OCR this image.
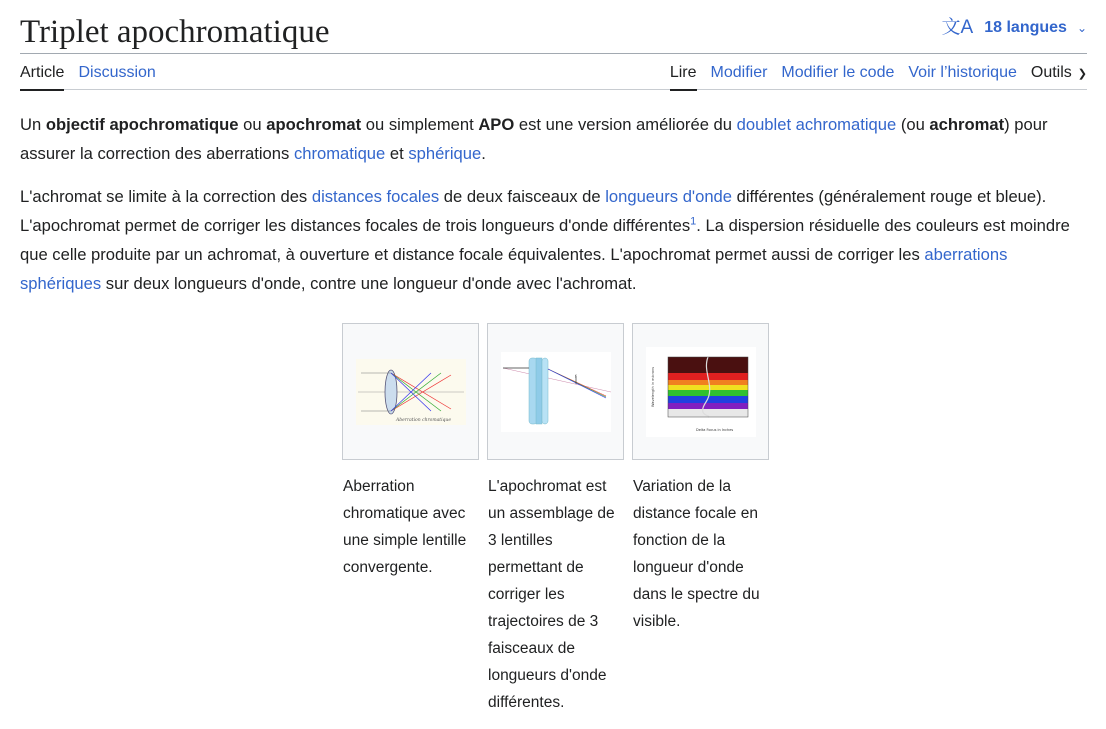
Triplet apochromatique	文A 18 langues ⌄
Article Discussion	Lire Modifier Modifier le code Voir l’historique Outils ❯

Un objectif apochromatique ou apochromat ou simplement APO est une version améliorée du doublet achromatique (ou achromat) pour assurer la correction des aberrations chromatique et sphérique.

L'achromat se limite à la correction des distances focales de deux faisceaux de longueurs d'onde différentes (généralement rouge et bleue). L'apochromat permet de corriger les distances focales de trois longueurs d'onde différentes$^1$. La dispersion résiduelle des couleurs est moindre que celle produite par un achromat, à ouverture et distance focale équivalentes. L'apochromat permet aussi de corriger les aberrations sphériques sur deux longueurs d'onde, contre une longueur d'onde avec l'achromat.

Aberration chromatique
Aberration chromatique avec une simple lentille convergente.
f
L'apochromat est un assemblage de 3 lentilles permettant de corriger les trajectoires de 3 faisceaux de longueurs d'onde différentes.
Delta Focus in Inches
Wavelength in microns
Variation de la distance focale en fonction de la longueur d'onde dans le spectre du visible.
